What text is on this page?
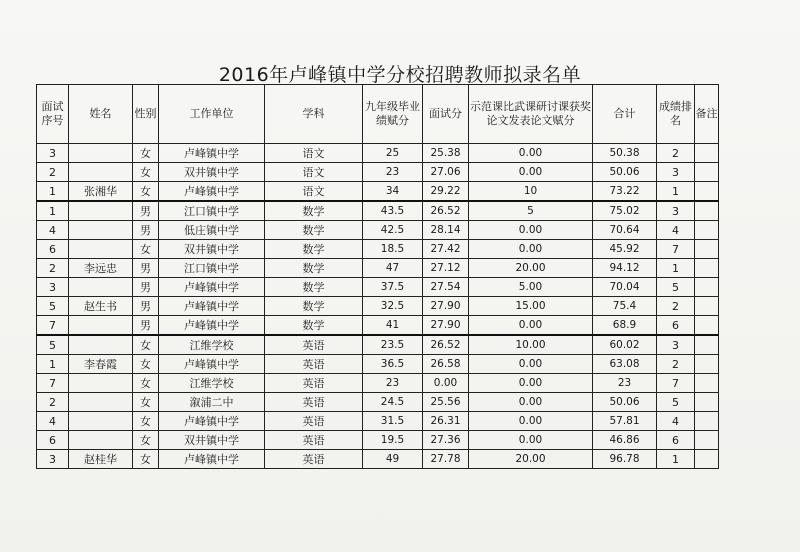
2016年卢峰镇中学分校招聘教师拟录名单
面试序号	姓名	性别	工作单位	学科	九年级毕业绩赋分	面试分	示范课比武课研讨课获奖论文发表论文赋分	合计	成绩排名	备注
3		女	卢峰镇中学	语文	25	25.38	0.00	50.38	2	
2		女	双井镇中学	语文	23	27.06	0.00	50.06	3	
1	张湘华	女	卢峰镇中学	语文	34	29.22	10	73.22	1	
1		男	江口镇中学	数学	43.5	26.52	5	75.02	3	
4		男	低庄镇中学	数学	42.5	28.14	0.00	70.64	4	
6		女	双井镇中学	数学	18.5	27.42	0.00	45.92	7	
2	李远忠	男	江口镇中学	数学	47	27.12	20.00	94.12	1	
3		男	卢峰镇中学	数学	37.5	27.54	5.00	70.04	5	
5	赵生书	男	卢峰镇中学	数学	32.5	27.90	15.00	75.4	2	
7		男	卢峰镇中学	数学	41	27.90	0.00	68.9	6	
5		女	江维学校	英语	23.5	26.52	10.00	60.02	3	
1	李春霞	女	卢峰镇中学	英语	36.5	26.58	0.00	63.08	2	
7		女	江维学校	英语	23	0.00	0.00	23	7	
2		女	溆浦二中	英语	24.5	25.56	0.00	50.06	5	
4		女	卢峰镇中学	英语	31.5	26.31	0.00	57.81	4	
6		女	双井镇中学	英语	19.5	27.36	0.00	46.86	6	
3	赵桂华	女	卢峰镇中学	英语	49	27.78	20.00	96.78	1	
